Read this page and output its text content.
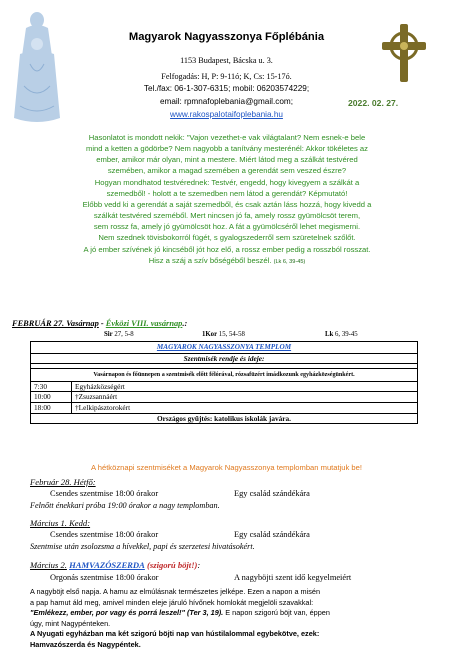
Magyarok Nagyasszonya Főplébánia
1153 Budapest, Bácska u. 3.
Felfogadás: H, P: 9-11ó; K, Cs: 15-17ó.
Tel./fax: 06-1-307-6315; mobil: 06203574229;
email: rpmnafoplebania@gmail.com;
www.rakospalotaifoplebania.hu
2022. 02. 27.
Hasonlatot is mondott nekik: "Vajon vezethet-e vak világtalant? Nem esnek-e bele
mind a ketten a gödörbe? Nem nagyobb a tanítvány mesterénél: Akkor tökéletes az
ember, amikor már olyan, mint a mestere. Miért látod meg a szálkát testvéred
szemében, amikor a magad szemében a gerendát sem veszed észre?
Hogyan mondhatod testvérednek: Testvér, engedd, hogy kivegyem a szálkát a
szemedből! - holott a te szemedben nem látod a gerendát? Képmutató!
Előbb vedd ki a gerendát a saját szemedből, és csak aztán láss hozzá, hogy kivedd a
szálkát testvéred szeméből. Mert nincsen jó fa, amely rossz gyümölcsöt terem,
sem rossz fa, amely jó gyümölcsöt hoz. A fát a gyümölcséről lehet megismerni.
Nem szednek tövisbokorról fügét, s gyalogszederről sem szüretelnek szőlőt.
A jó ember szívének jó kincséből jót hoz elő, a rossz ember pedig a rosszból rosszat.
Hisz a száj a szív bőségéből beszél. (Lk 6, 39-45)
FEBRUÁR 27. Vasárnap - Évközi VIII. vasárnap.:
Sir 27, 5-8	1Kor 15, 54-58	Lk 6, 39-45
MAGYAROK NAGYASSZONYA TEMPLOM	
Szentmisék rendje és ideje:	

Vasárnapon és főünnepen a szentmisék előtt félórával, rózsafüzért imádkozunk egyházközségünkért.	
7:30	Egyházközségért
10:00	†Zsuzsannáért
18:00	†Lelkipásztorokért
Országos gyűjtés: katolikus iskolák javára.	
A hétköznapi szentmiséket a Magyarok Nagyasszonya templomban mutatjuk be!
Február 28. Hétfő:
Csendes szentmise 18:00 órakor	Egy család szándékára
Felnőtt énekkari próba 19:00 órakor a nagy templomban.
Március 1. Kedd:
Csendes szentmise 18:00 órakor	Egy család szándékára
Szentmise után zsolozsma a hívekkel, papi és szerzetesi hivatásokért.
Március 2. HAMVAZÓSZERDA (szigorú böjt!):
Orgonás szentmise 18:00 órakor	A nagyböjti szent idő kegyelmeiért
A nagyböjt első napja. A hamu az elmúlásnak természetes jelképe. Ezen a napon a misén
a pap hamut áld meg, amivel minden eleje járuló hívőnek homlokát megjelöli szavakkal:
"Emlékezz, ember, por vagy és porrá leszel!" (Ter 3, 19). E napon szigorú böjt van, éppen
úgy, mint Nagypénteken.
A Nyugati egyházban ma két szigorú böjti nap van hústilalommal egybekötve, ezek:
Hamvazószerda és Nagypéntek.
